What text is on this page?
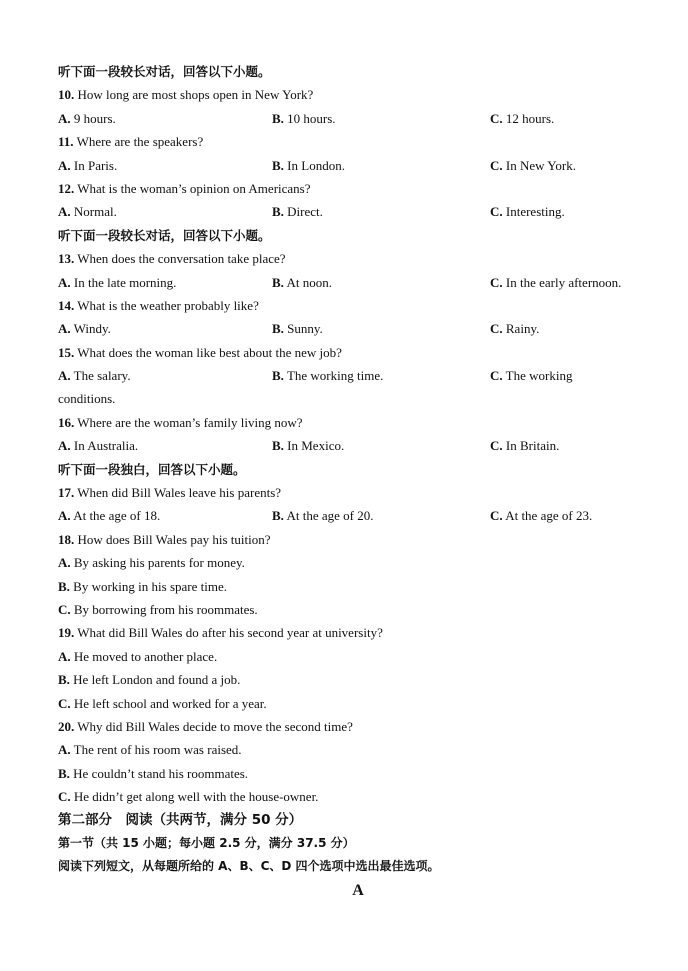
听下面一段较长对话，回答以下小题。
10. How long are most shops open in New York?
A. 9 hours.	B. 10 hours.	C. 12 hours.
11. Where are the speakers?
A. In Paris.	B. In London.	C. In New York.
12. What is the woman’s opinion on Americans?
A. Normal.	B. Direct.	C. Interesting.
听下面一段较长对话，回答以下小题。
13. When does the conversation take place?
A. In the late morning.	B. At noon.	C. In the early afternoon.
14. What is the weather probably like?
A. Windy.	B. Sunny.	C. Rainy.
15. What does the woman like best about the new job?
A. The salary.	B. The working time.	C. The working
conditions.
16. Where are the woman’s family living now?
A. In Australia.	B. In Mexico.	C. In Britain.
听下面一段独白，回答以下小题。
17. When did Bill Wales leave his parents?
A. At the age of 18.	B. At the age of 20.	C. At the age of 23.
18. How does Bill Wales pay his tuition?
A. By asking his parents for money.
B. By working in his spare time.
C. By borrowing from his roommates.
19. What did Bill Wales do after his second year at university?
A. He moved to another place.
B. He left London and found a job.
C. He left school and worked for a year.
20. Why did Bill Wales decide to move the second time?
A. The rent of his room was raised.
B. He couldn’t stand his roommates.
C. He didn’t get along well with the house-owner.
第二部分　阅读（共两节，满分 50 分）
第一节（共 15 小题；每小题 2.5 分，满分 37.5 分）
阅读下列短文，从每题所给的 A、B、C、D 四个选项中选出最佳选项。
A
